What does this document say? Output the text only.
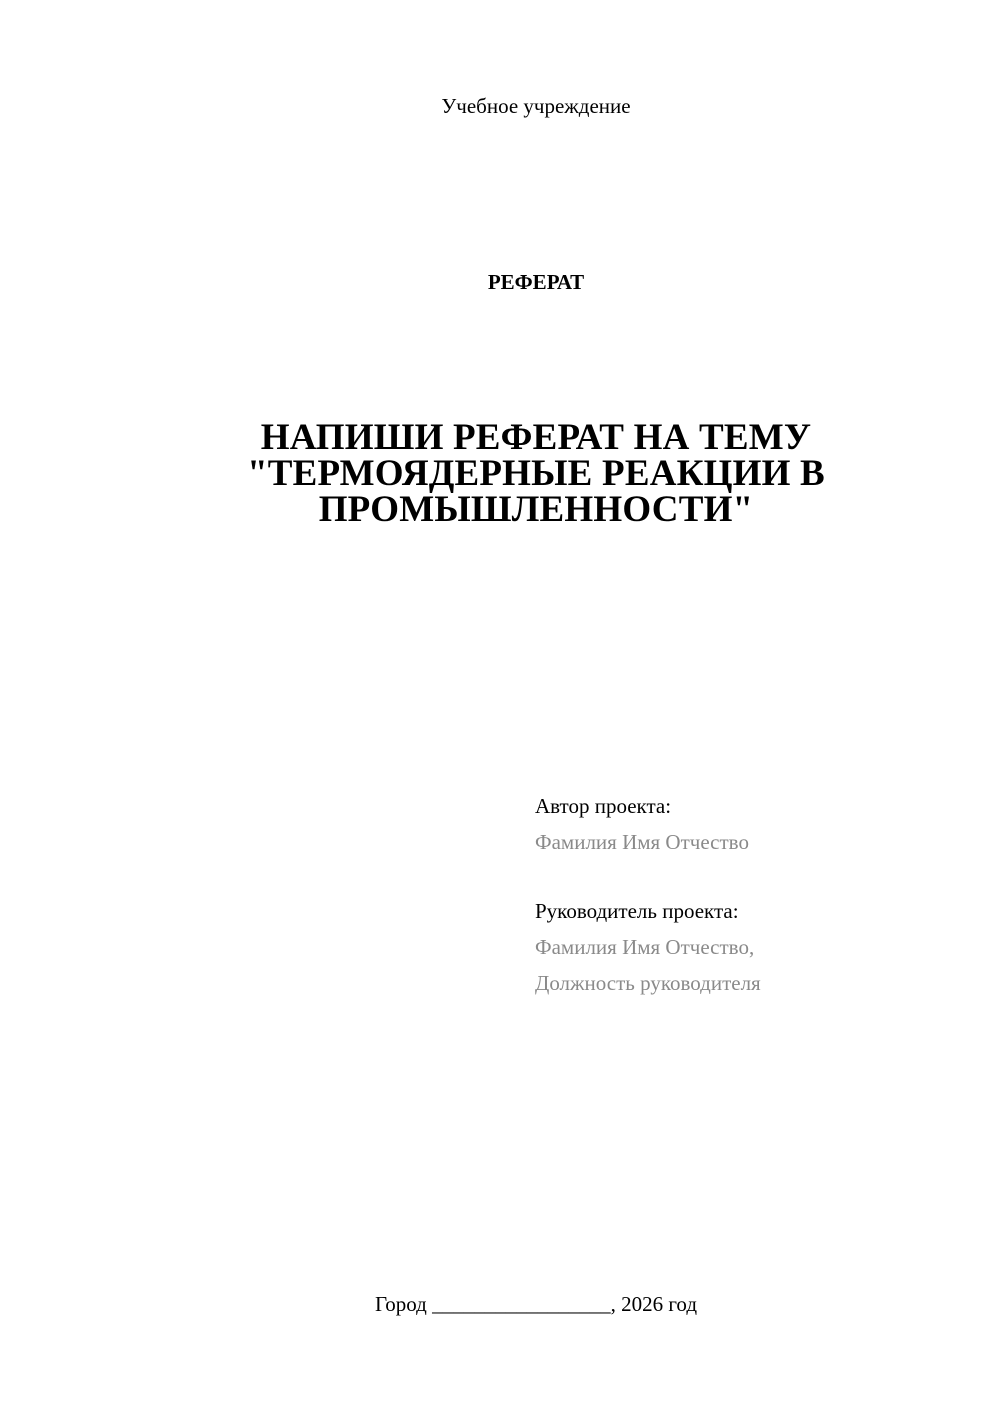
Учебное учреждение
РЕФЕРАТ
НАПИШИ РЕФЕРАТ НА ТЕМУ
"ТЕРМОЯДЕРНЫЕ РЕАКЦИИ В
ПРОМЫШЛЕННОСТИ"
Автор проекта:
Фамилия Имя Отчество
Руководитель проекта:
Фамилия Имя Отчество,
Должность руководителя
Город _________________, 2026 год
